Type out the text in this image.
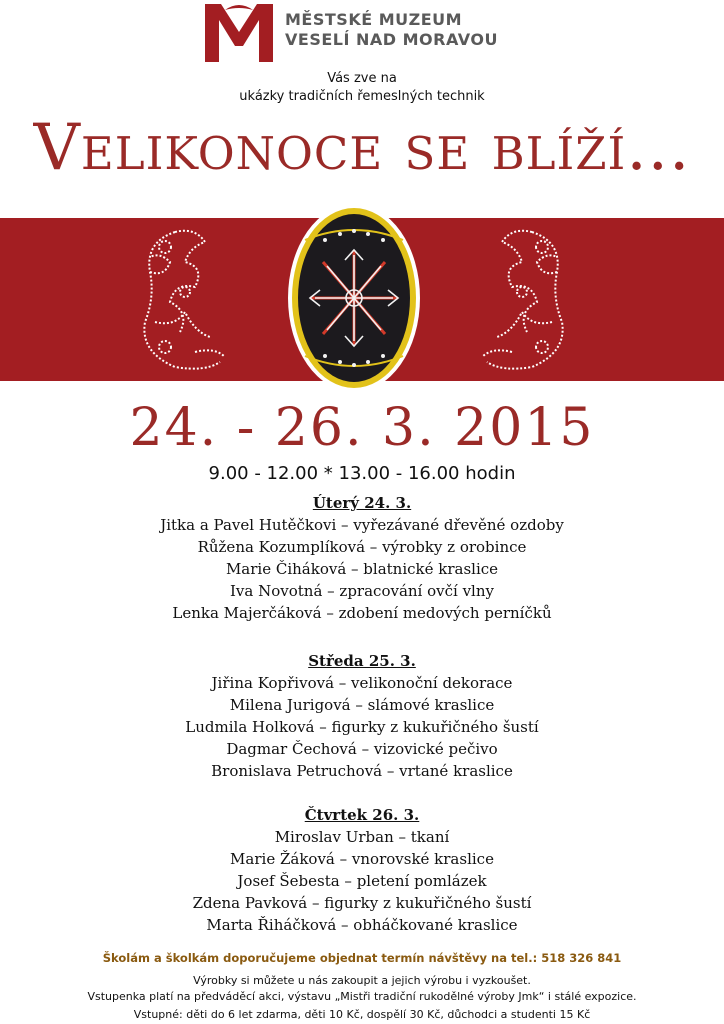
MĚSTSKÉ MUZEUM
VESELÍ NAD MORAVOU
Vás zve na
ukázky tradičních řemeslných technik
Velikonoce se blíží...
24. - 26. 3. 2015
9.00 - 12.00 * 13.00 - 16.00 hodin

Úterý 24. 3.

Jitka a Pavel Hutěčkovi – vyřezávané dřevěné ozdoby

Růžena Kozumplíková – výrobky z orobince

Marie Čiháková – blatnické kraslice

Iva Novotná – zpracování ovčí vlny

Lenka Majerčáková – zdobení medových perníčků

Středa 25. 3.

Jiřina Kopřivová – velikonoční dekorace

Milena Jurigová – slámové kraslice

Ludmila Holková – figurky z kukuřičného šustí

Dagmar Čechová – vizovické pečivo

Bronislava Petruchová – vrtané kraslice

Čtvrtek 26. 3.

Miroslav Urban – tkaní

Marie Žáková – vnorovské kraslice

Josef Šebesta – pletení pomlázek

Zdena Pavková – figurky z kukuřičného šustí

Marta Řiháčková – obháčkované kraslice

Školám a školkám doporučujeme objednat termín návštěvy na tel.: 518 326 841
Výrobky si můžete u nás zakoupit a jejich výrobu i vyzkoušet.
Vstupenka platí na předváděcí akci, výstavu „Mistři tradiční rukodělné výroby Jmk“ i stálé expozice.
Vstupné: děti do 6 let zdarma, děti 10 Kč, dospělí 30 Kč, důchodci a studenti 15 Kč
